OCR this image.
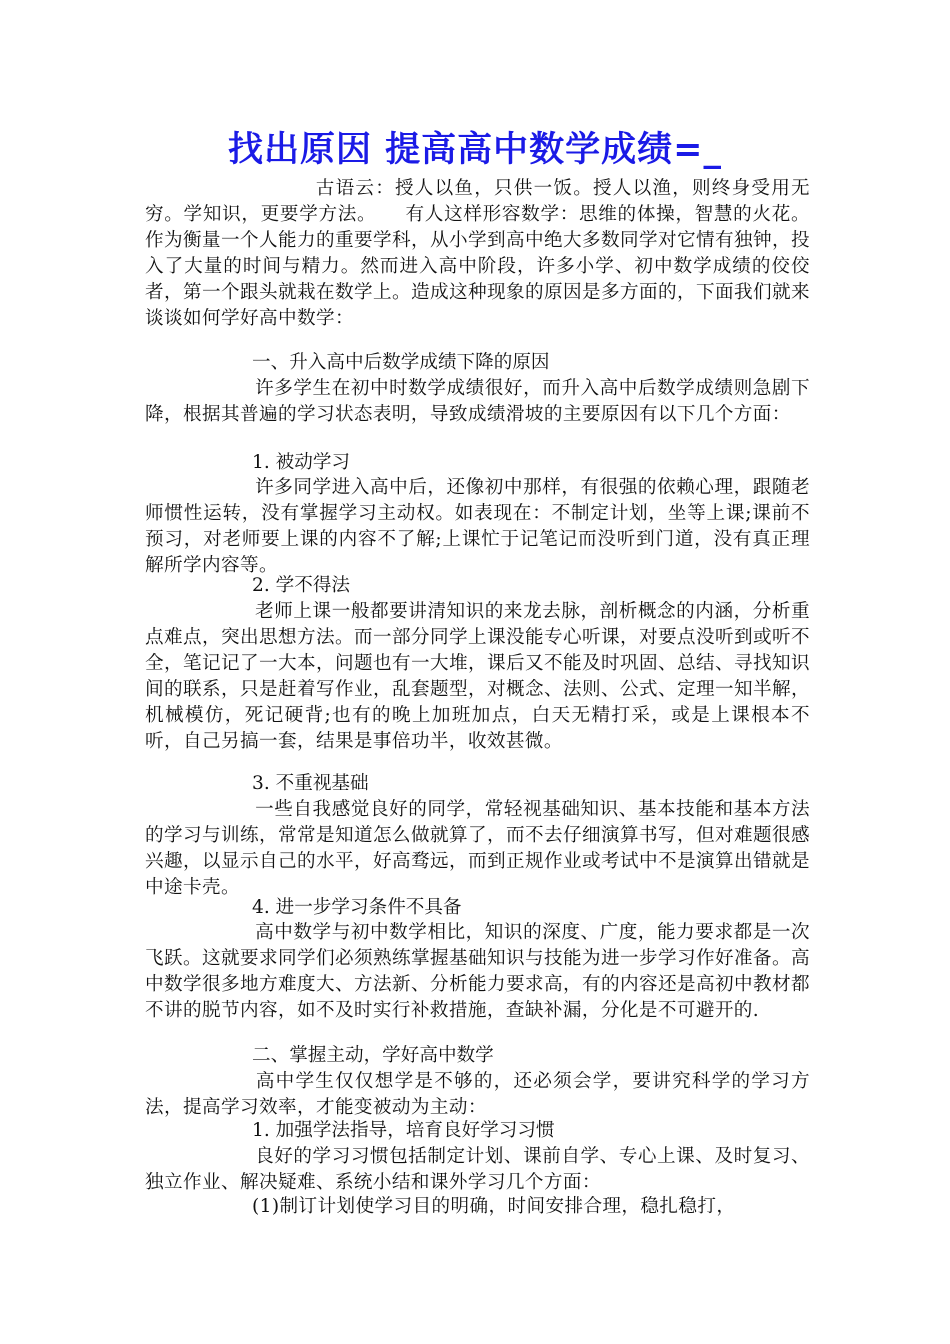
找出原因 提高高中数学成绩=_
古语云：授人以鱼，只供一饭。授人以渔，则终身受用无穷。学知识，更要学方法。　　有人这样形容数学：思维的体操，智慧的火花。作为衡量一个人能力的重要学科，从小学到高中绝大多数同学对它情有独钟，投入了大量的时间与精力。然而进入高中阶段，许多小学、初中数学成绩的佼佼者，第一个跟头就栽在数学上。造成这种现象的原因是多方面的，下面我们就来谈谈如何学好高中数学：
一、升入高中后数学成绩下降的原因
许多学生在初中时数学成绩很好，而升入高中后数学成绩则急剧下降，根据其普遍的学习状态表明，导致成绩滑坡的主要原因有以下几个方面：
1. 被动学习
许多同学进入高中后，还像初中那样，有很强的依赖心理，跟随老师惯性运转，没有掌握学习主动权。如表现在：不制定计划，坐等上课;课前不预习，对老师要上课的内容不了解;上课忙于记笔记而没听到门道，没有真正理解所学内容等。
2. 学不得法
老师上课一般都要讲清知识的来龙去脉，剖析概念的内涵，分析重点难点，突出思想方法。而一部分同学上课没能专心听课，对要点没听到或听不全，笔记记了一大本，问题也有一大堆，课后又不能及时巩固、总结、寻找知识间的联系，只是赶着写作业，乱套题型，对概念、法则、公式、定理一知半解，机械模仿，死记硬背;也有的晚上加班加点，白天无精打采，或是上课根本不听，自己另搞一套，结果是事倍功半，收效甚微。
3. 不重视基础
一些自我感觉良好的同学，常轻视基础知识、基本技能和基本方法的学习与训练，常常是知道怎么做就算了，而不去仔细演算书写，但对难题很感兴趣，以显示自己的水平，好高骛远，而到正规作业或考试中不是演算出错就是中途卡壳。
4. 进一步学习条件不具备
高中数学与初中数学相比，知识的深度、广度，能力要求都是一次飞跃。这就要求同学们必须熟练掌握基础知识与技能为进一步学习作好准备。高中数学很多地方难度大、方法新、分析能力要求高，有的内容还是高初中教材都不讲的脱节内容，如不及时实行补救措施，查缺补漏，分化是不可避开的.
二、掌握主动，学好高中数学
高中学生仅仅想学是不够的，还必须会学，要讲究科学的学习方法，提高学习效率，才能变被动为主动：
1. 加强学法指导，培育良好学习习惯
良好的学习习惯包括制定计划、课前自学、专心上课、及时复习、独立作业、解决疑难、系统小结和课外学习几个方面：
(1)制订计划使学习目的明确，时间安排合理，稳扎稳打，
